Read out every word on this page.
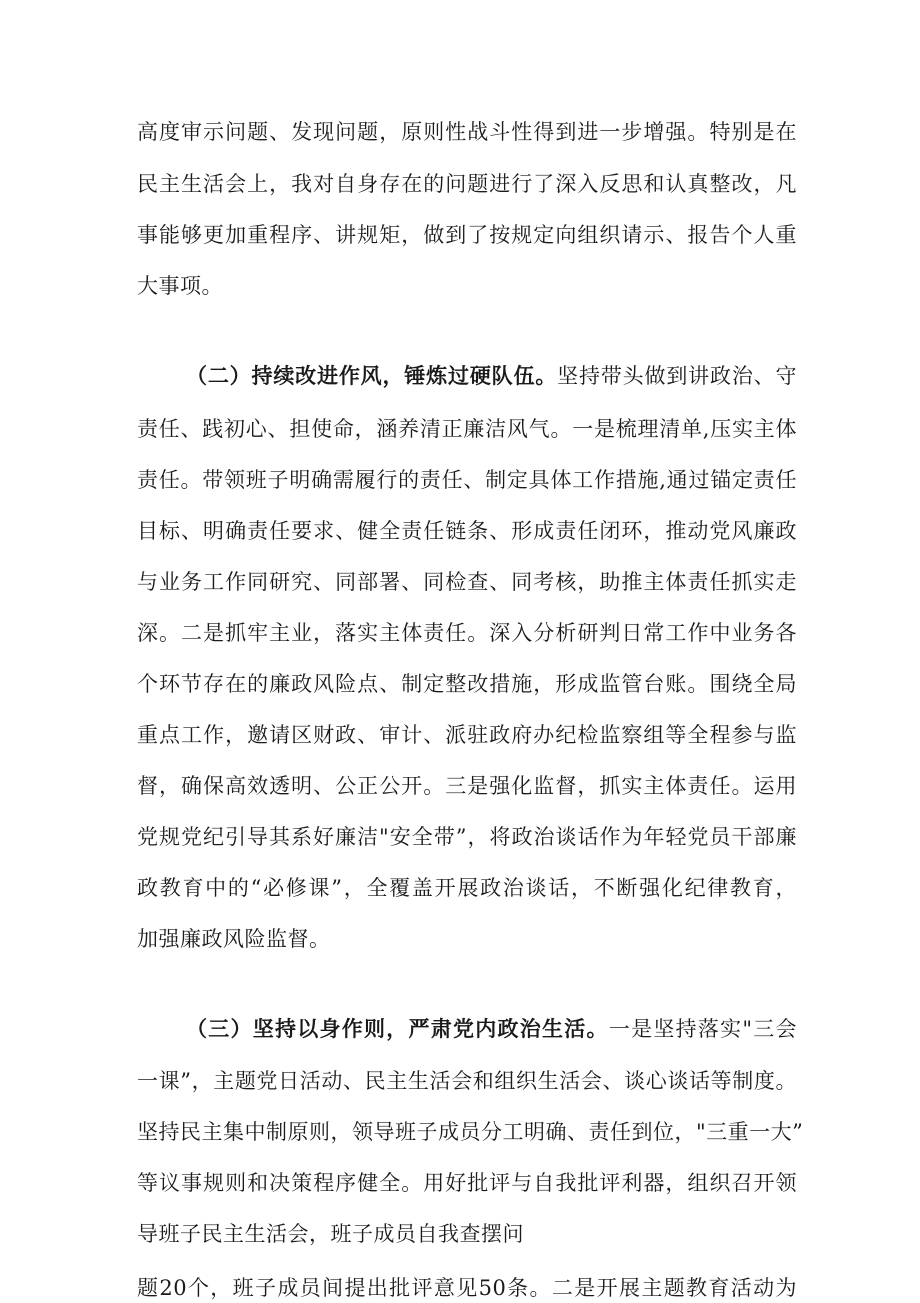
高度审示问题、发现问题，原则性战斗性得到进一步增强。特别是在
民主生活会上，我对自身存在的问题进行了深入反思和认真整改，凡
事能够更加重程序、讲规矩，做到了按规定向组织请示、报告个人重
大事项。
（二）持续改进作风，锤炼过硬队伍。坚持带头做到讲政治、守
责任、践初心、担使命，涵养清正廉洁风气。一是梳理清单,压实主体
责任。带领班子明确需履行的责任、制定具体工作措施,通过锚定责任
目标、明确责任要求、健全责任链条、形成责任闭环，推动党风廉政
与业务工作同研究、同部署、同检查、同考核，助推主体责任抓实走
深。二是抓牢主业，落实主体责任。深入分析研判日常工作中业务各
个环节存在的廉政风险点、制定整改措施，形成监管台账。围绕全局
重点工作，邀请区财政、审计、派驻政府办纪检监察组等全程参与监
督，确保高效透明、公正公开。三是强化监督，抓实主体责任。运用
党规党纪引导其系好廉洁"安全带”，将政治谈话作为年轻党员干部廉
政教育中的“必修课”，全覆盖开展政治谈话，不断强化纪律教育，
加强廉政风险监督。
（三）坚持以身作则，严肃党内政治生活。一是坚持落实"三会
一课”，主题党日活动、民主生活会和组织生活会、谈心谈话等制度。
坚持民主集中制原则，领导班子成员分工明确、责任到位，"三重一大”
等议事规则和决策程序健全。用好批评与自我批评利器，组织召开领
导班子民主生活会，班子成员自我查摆问
题20个，班子成员间提出批评意见50条。二是开展主题教育活动为
